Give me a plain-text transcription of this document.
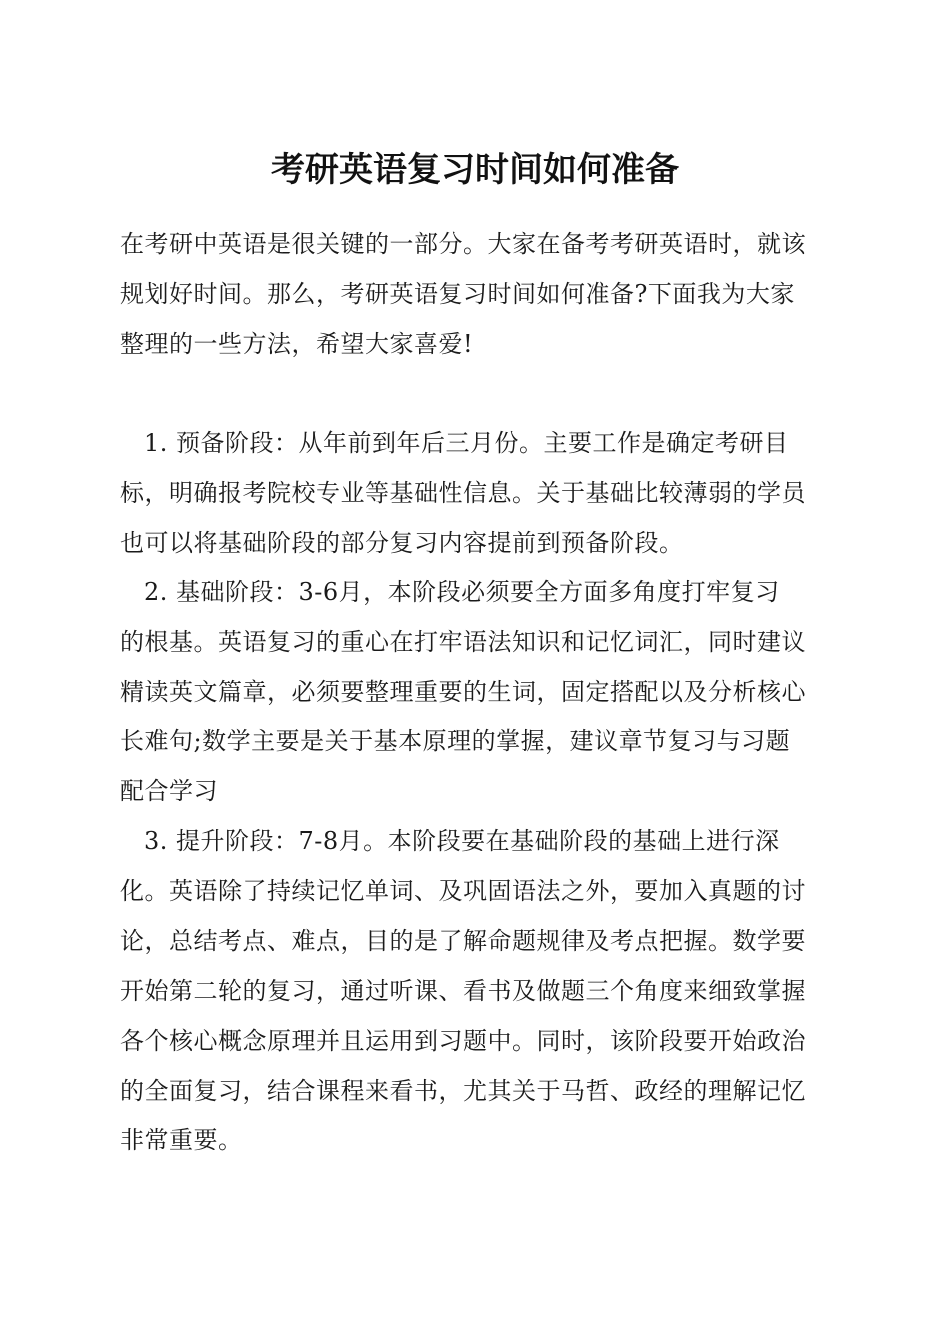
考研英语复习时间如何准备
在考研中英语是很关键的一部分。大家在备考考研英语时，就该
规划好时间。那么，考研英语复习时间如何准备?下面我为大家
整理的一些方法，希望大家喜爱!
1. 预备阶段：从年前到年后三月份。主要工作是确定考研目
标，明确报考院校专业等基础性信息。关于基础比较薄弱的学员
也可以将基础阶段的部分复习内容提前到预备阶段。
2. 基础阶段：3-6月，本阶段必须要全方面多角度打牢复习
的根基。英语复习的重心在打牢语法知识和记忆词汇，同时建议
精读英文篇章，必须要整理重要的生词，固定搭配以及分析核心
长难句;数学主要是关于基本原理的掌握，建议章节复习与习题
配合学习
3. 提升阶段：7-8月。本阶段要在基础阶段的基础上进行深
化。英语除了持续记忆单词、及巩固语法之外，要加入真题的讨
论，总结考点、难点，目的是了解命题规律及考点把握。数学要
开始第二轮的复习，通过听课、看书及做题三个角度来细致掌握
各个核心概念原理并且运用到习题中。同时，该阶段要开始政治
的全面复习，结合课程来看书，尤其关于马哲、政经的理解记忆
非常重要。
